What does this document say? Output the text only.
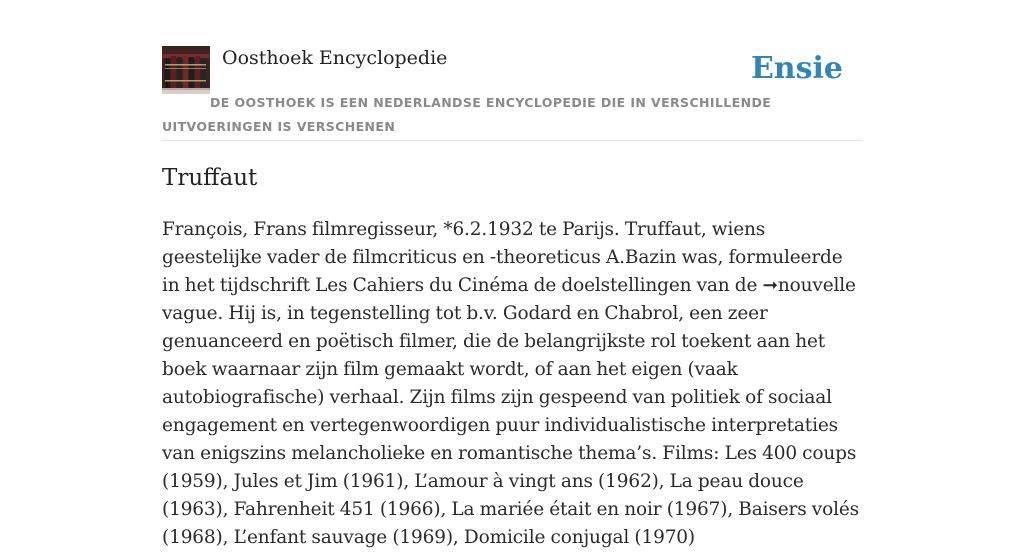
Oosthoek Encyclopedie	Ensie
DE OOSTHOEK IS EEN NEDERLANDSE ENCYCLOPEDIE DIE IN VERSCHILLENDE UITVOERINGEN IS VERSCHENEN
Truffaut

François, Frans filmregisseur, *6.2.1932 te Parijs. Truffaut, wiens geestelijke vader de filmcriticus en -theoreticus A.Bazin was, formuleerde in het tijdschrift Les Cahiers du Cinéma de doelstellingen van de ➞nouvelle vague. Hij is, in tegenstelling tot b.v. Godard en Chabrol, een zeer genuanceerd en poëtisch filmer, die de belangrijkste rol toekent aan het boek waarnaar zijn film gemaakt wordt, of aan het eigen (vaak autobiografische) verhaal. Zijn films zijn gespeend van politiek of sociaal engagement en vertegenwoordigen puur individualistische interpretaties van enigszins melancholieke en romantische thema’s. Films: Les 400 coups (1959), Jules et Jim (1961), L’amour à vingt ans (1962), La peau douce (1963), Fahrenheit 451 (1966), La mariée était en noir (1967), Baisers volés (1968), L’enfant sauvage (1969), Domicile conjugal (1970)
